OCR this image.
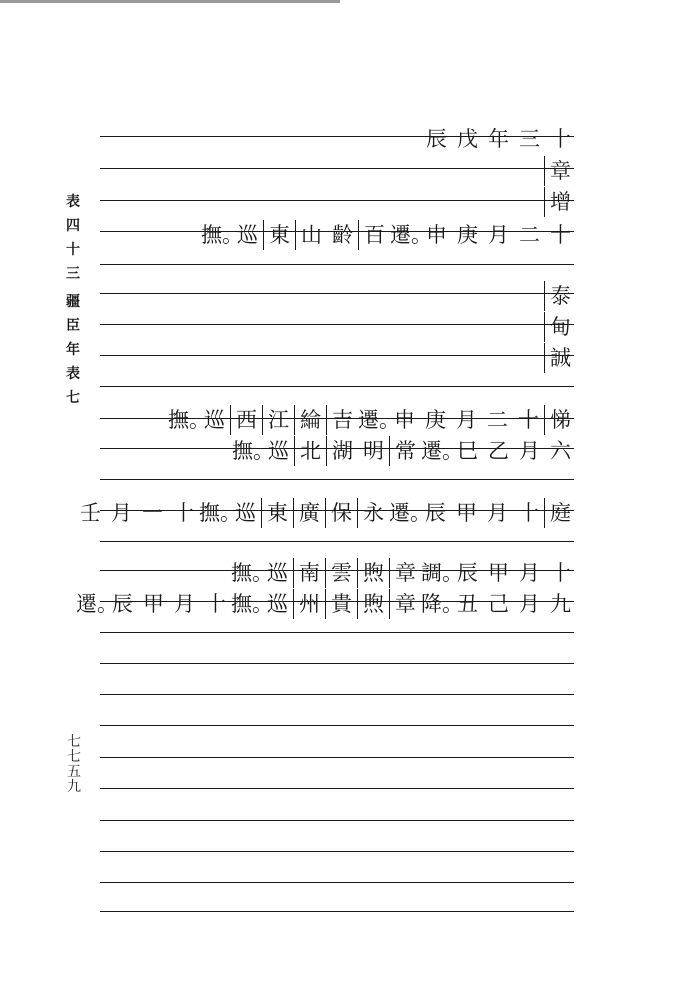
表
四
十
三
疆
臣
年
表
七
七
七
五
九
辰 戊 年 三 十
章
增
撫。
巡 東 山 齡 百 遷。
申 庚 月 二 十
泰
甸
誠
撫。
巡 西 江 綸 吉 遷。
申 庚 月 二 十 悌
撫。
巡 北 湖 明 常 遷。
巳 乙 月 六
壬 月 一 十 撫。
巡 東 廣 保 永 遷。
辰 甲 月 十 庭
撫。
巡 南 雲 煦 章 調。
辰 甲 月 十
遷。
辰 甲 月 十 撫。
巡 州 貴 煦 章 降。
丑 己 月 九
